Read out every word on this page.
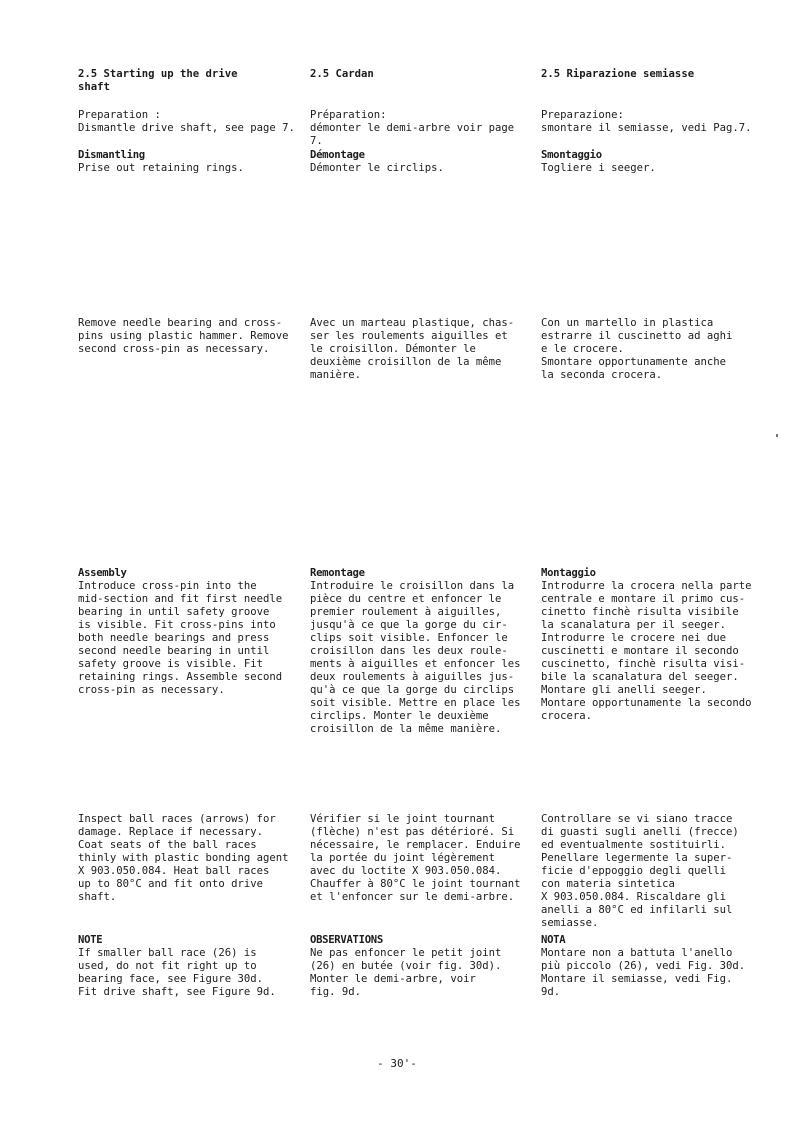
2.5 Starting up the drive
shaft
Preparation :
Dismantle drive shaft, see page 7.
Dismantling
Prise out retaining rings.
Remove needle bearing and cross-
pins using plastic hammer. Remove
second cross-pin as necessary.
Assembly
Introduce cross-pin into the
mid-section and fit first needle
bearing in until safety groove
is visible. Fit cross-pins into
both needle bearings and press
second needle bearing in until
safety groove is visible. Fit
retaining rings. Assemble second
cross-pin as necessary.
Inspect ball races (arrows) for
damage. Replace if necessary.
Coat seats of the ball races
thinly with plastic bonding agent
X 903.050.084. Heat ball races
up to 80°C and fit onto drive
shaft.
NOTE
If smaller ball race (26) is
used, do not fit right up to
bearing face, see Figure 30d.
Fit drive shaft, see Figure 9d.
2.5 Cardan
Préparation:
démonter le demi-arbre voir page
7.
Démontage
Démonter le circlips.
Avec un marteau plastique, chas-
ser les roulements aiguilles et
le croisillon. Démonter le
deuxième croisillon de la même
manière.
Remontage
Introduire le croisillon dans la
pièce du centre et enfoncer le
premier roulement à aiguilles,
jusqu'à ce que la gorge du cir-
clips soit visible. Enfoncer le
croisillon dans les deux roule-
ments à aiguilles et enfoncer les
deux roulements à aiguilles jus-
qu'à ce que la gorge du circlips
soit visible. Mettre en place les
circlips. Monter le deuxième
croisillon de la même manière.
Vérifier si le joint tournant
(flèche) n'est pas détérioré. Si
nécessaire, le remplacer. Enduire
la portée du joint légèrement
avec du loctite X 903.050.084.
Chauffer à 80°C le joint tournant
et l'enfoncer sur le demi-arbre.
OBSERVATIONS
Ne pas enfoncer le petit joint
(26) en butée (voir fig. 30d).
Monter le demi-arbre, voir
fig. 9d.
2.5 Riparazione semiasse
Preparazione:
smontare il semiasse, vedi Pag.7.
Smontaggio
Togliere i seeger.
Con un martello in plastica
estrarre il cuscinetto ad aghi
e le crocere.
Smontare opportunamente anche
la seconda crocera.
Montaggio
Introdurre la crocera nella parte
centrale e montare il primo cus-
cinetto finchè risulta visibile
la scanalatura per il seeger.
Introdurre le crocere nei due
cuscinetti e montare il secondo
cuscinetto, finchè risulta visi-
bile la scanalatura del seeger.
Montare gli anelli seeger.
Montare opportunamente la secondo
crocera.
Controllare se vi siano tracce
di guasti sugli anelli (frecce)
ed eventualmente sostituirli.
Penellare legermente la super-
ficie d'eppoggio degli quelli
con materia sintetica
X 903.050.084. Riscaldare gli
anelli a 80°C ed infilarli sul
semiasse.
NOTA
Montare non a battuta l'anello
più piccolo (26), vedi Fig. 30d.
Montare il semiasse, vedi Fig.
9d.
- 30'-
